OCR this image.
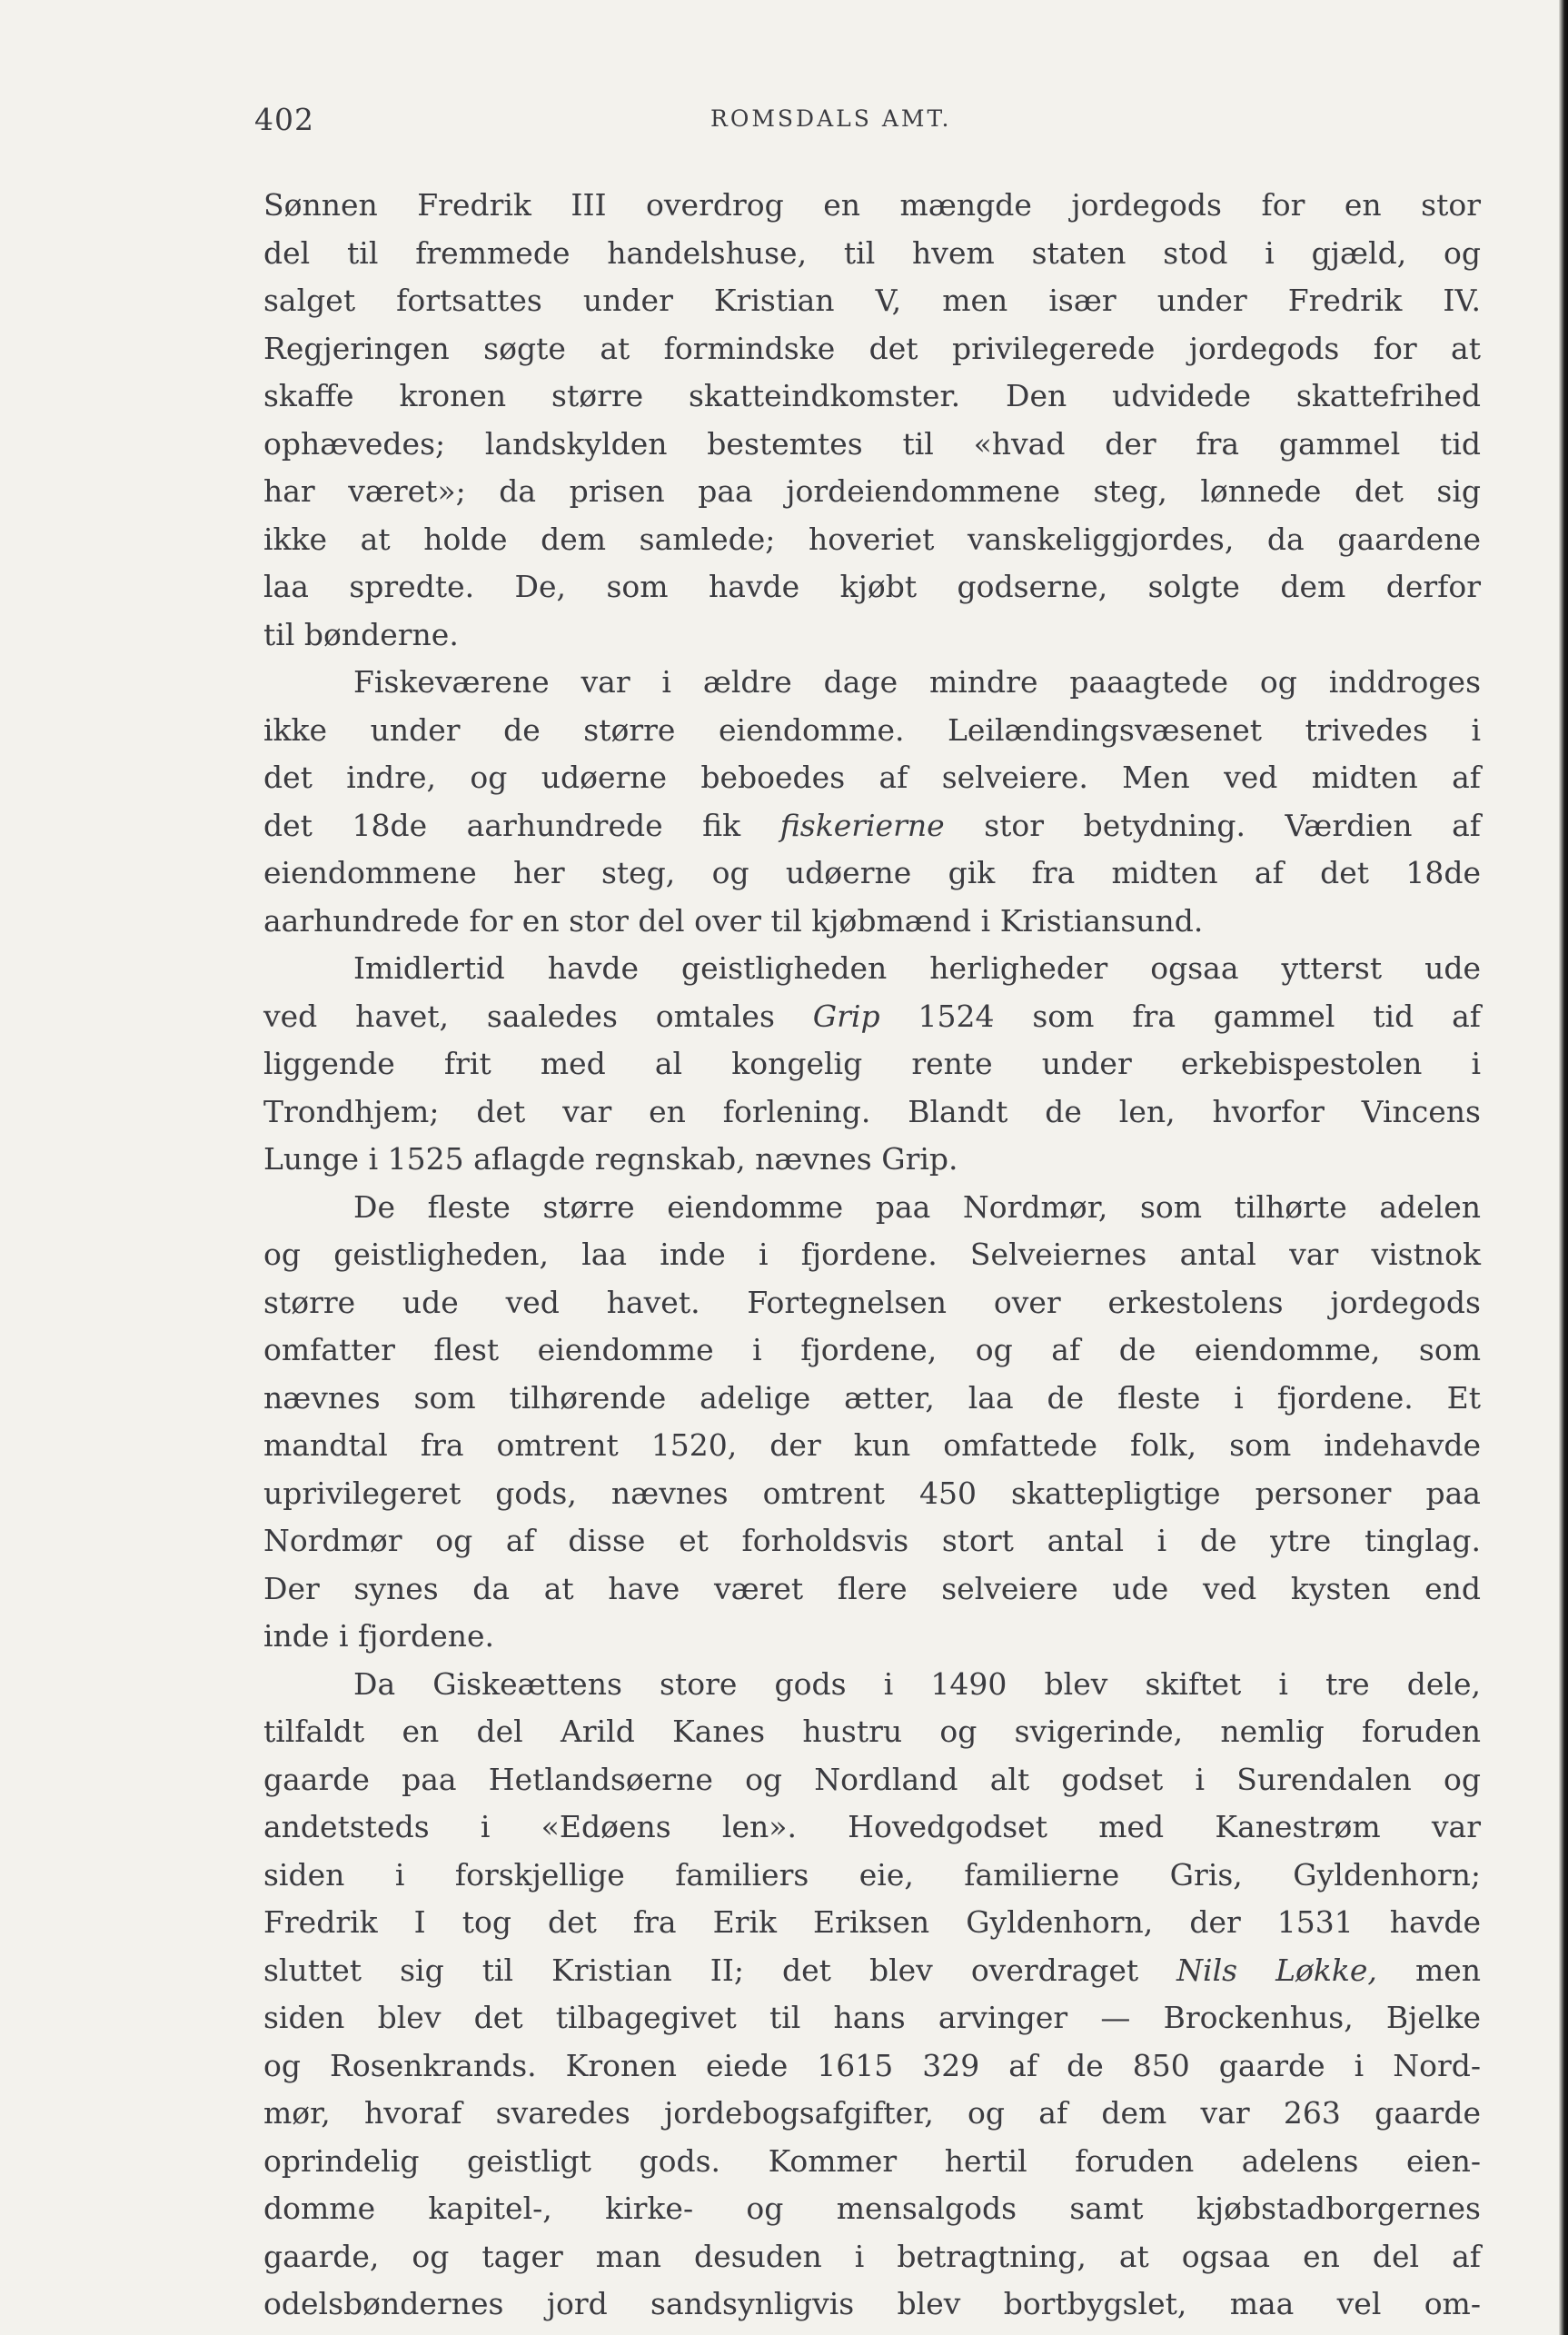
402	ROMSDALS AMT.
Sønnen Fredrik III overdrog en mængde jordegods for en stor
del til fremmede handelshuse, til hvem staten stod i gjæld, og
salget fortsattes under Kristian V, men især under Fredrik IV.
Regjeringen søgte at formindske det privilegerede jordegods for at
skaffe kronen større skatteindkomster. Den udvidede skattefrihed
ophævedes; landskylden bestemtes til «hvad der fra gammel tid
har været»; da prisen paa jordeiendommene steg, lønnede det sig
ikke at holde dem samlede; hoveriet vanskeliggjordes, da gaardene
laa spredte. De, som havde kjøbt godserne, solgte dem derfor
til bønderne.
Fiskeværene var i ældre dage mindre paaagtede og inddroges
ikke under de større eiendomme. Leilændingsvæsenet trivedes i
det indre, og udøerne beboedes af selveiere. Men ved midten af
det 18de aarhundrede fik fiskerierne stor betydning. Værdien af
eiendommene her steg, og udøerne gik fra midten af det 18de
aarhundrede for en stor del over til kjøbmænd i Kristiansund.
Imidlertid havde geistligheden herligheder ogsaa ytterst ude
ved havet, saaledes omtales Grip 1524 som fra gammel tid af
liggende frit med al kongelig rente under erkebispestolen i
Trondhjem; det var en forlening. Blandt de len, hvorfor Vincens
Lunge i 1525 aflagde regnskab, nævnes Grip.
De fleste større eiendomme paa Nordmør, som tilhørte adelen
og geistligheden, laa inde i fjordene. Selveiernes antal var vistnok
større ude ved havet. Fortegnelsen over erkestolens jordegods
omfatter flest eiendomme i fjordene, og af de eiendomme, som
nævnes som tilhørende adelige ætter, laa de fleste i fjordene. Et
mandtal fra omtrent 1520, der kun omfattede folk, som indehavde
uprivilegeret gods, nævnes omtrent 450 skattepligtige personer paa
Nordmør og af disse et forholdsvis stort antal i de ytre tinglag.
Der synes da at have været flere selveiere ude ved kysten end
inde i fjordene.
Da Giskeættens store gods i 1490 blev skiftet i tre dele,
tilfaldt en del Arild Kanes hustru og svigerinde, nemlig foruden
gaarde paa Hetlandsøerne og Nordland alt godset i Surendalen og
andetsteds i «Edøens len». Hovedgodset med Kanestrøm var
siden i forskjellige familiers eie, familierne Gris, Gyldenhorn;
Fredrik I tog det fra Erik Eriksen Gyldenhorn, der 1531 havde
sluttet sig til Kristian II; det blev overdraget Nils Løkke, men
siden blev det tilbagegivet til hans arvinger — Brockenhus, Bjelke
og Rosenkrands. Kronen eiede 1615 329 af de 850 gaarde i Nord-
mør, hvoraf svaredes jordebogsafgifter, og af dem var 263 gaarde
oprindelig geistligt gods. Kommer hertil foruden adelens eien-
domme kapitel-, kirke- og mensalgods samt kjøbstadborgernes
gaarde, og tager man desuden i betragtning, at ogsaa en del af
odelsbøndernes jord sandsynligvis blev bortbygslet, maa vel om-
